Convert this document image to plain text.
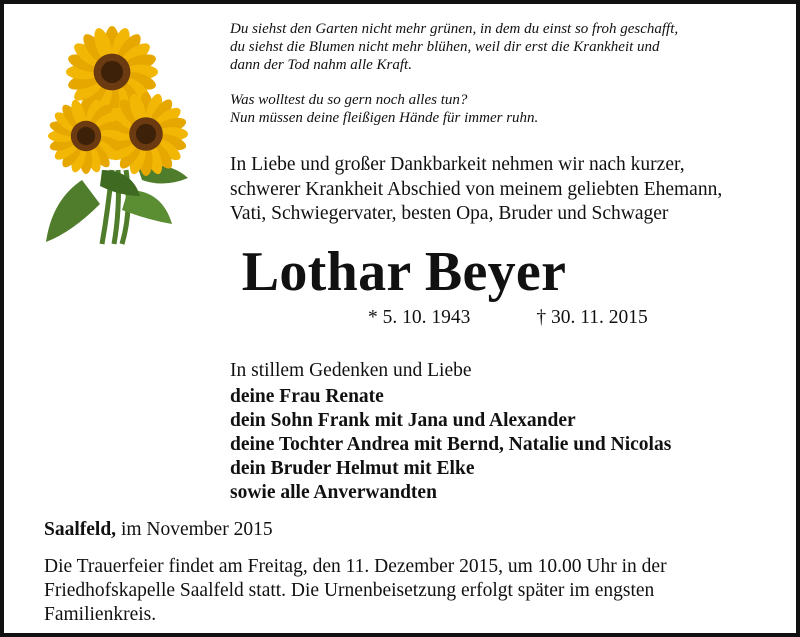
Du siehst den Garten nicht mehr grünen, in dem du einst so froh geschafft,

du siehst die Blumen nicht mehr blühen, weil dir erst die Krankheit und

dann der Tod nahm alle Kraft.

Was wolltest du so gern noch alles tun?

Nun müssen deine fleißigen Hände für immer ruhn.

In Liebe und großer Dankbarkeit nehmen wir nach kurzer,
schwerer Krankheit Abschied von meinem geliebten Ehemann,
Vati, Schwiegervater, besten Opa, Bruder und Schwager
Lothar Beyer
* 5. 10. 1943	† 30. 11. 2015
In stillem Gedenken und Liebe
deine Frau Renate
dein Sohn Frank mit Jana und Alexander
deine Tochter Andrea mit Bernd, Natalie und Nicolas
dein Bruder Helmut mit Elke
sowie alle Anverwandten
Saalfeld, im November 2015
Die Trauerfeier findet am Freitag, den 11. Dezember 2015, um 10.00 Uhr in der
Friedhofskapelle Saalfeld statt. Die Urnenbeisetzung erfolgt später im engsten
Familienkreis.
